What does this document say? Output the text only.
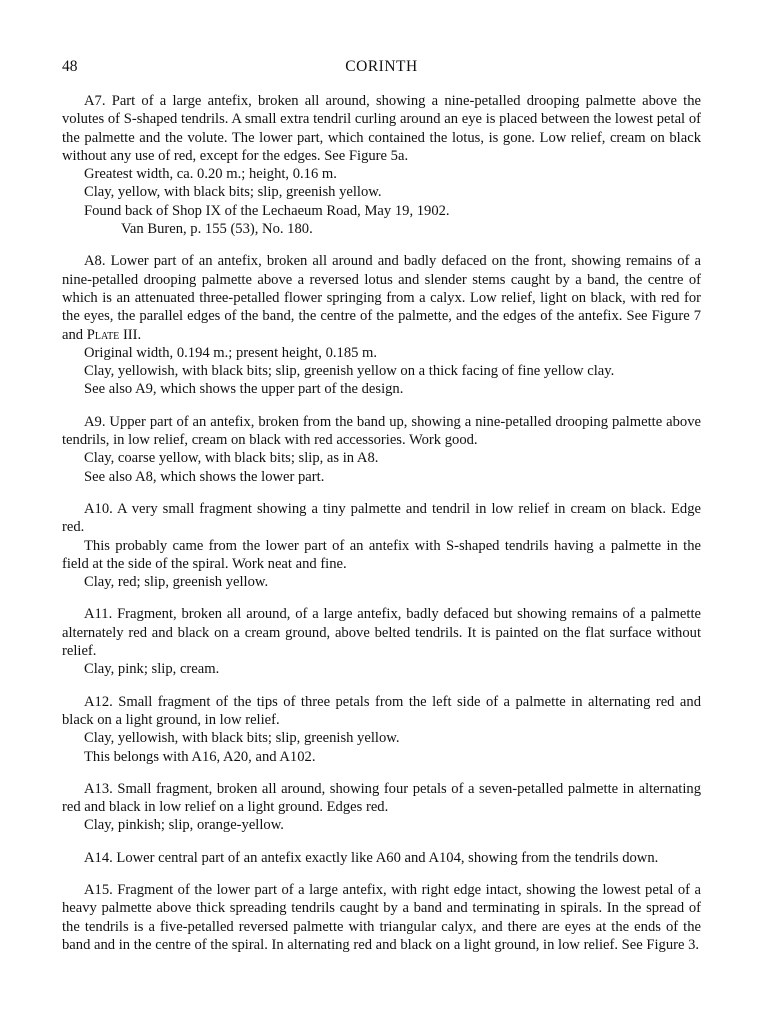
48	CORINTH

A7. Part of a large antefix, broken all around, showing a nine-petalled drooping palmette above the volutes of S-shaped tendrils. A small extra tendril curling around an eye is placed between the lowest petal of the palmette and the volute. The lower part, which contained the lotus, is gone. Low relief, cream on black without any use of red, except for the edges. See Figure 5a.

Greatest width, ca. 0.20 m.; height, 0.16 m.

Clay, yellow, with black bits; slip, greenish yellow.

Found back of Shop IX of the Lechaeum Road, May 19, 1902.

Van Buren, p. 155 (53), No. 180.

A8. Lower part of an antefix, broken all around and badly defaced on the front, showing remains of a nine-petalled drooping palmette above a reversed lotus and slender stems caught by a band, the centre of which is an attenuated three-petalled flower springing from a calyx. Low relief, light on black, with red for the eyes, the parallel edges of the band, the centre of the palmette, and the edges of the antefix. See Figure 7 and Plate III.

Original width, 0.194 m.; present height, 0.185 m.

Clay, yellowish, with black bits; slip, greenish yellow on a thick facing of fine yellow clay.

See also A9, which shows the upper part of the design.

A9. Upper part of an antefix, broken from the band up, showing a nine-petalled drooping palmette above tendrils, in low relief, cream on black with red accessories. Work good.

Clay, coarse yellow, with black bits; slip, as in A8.

See also A8, which shows the lower part.

A10. A very small fragment showing a tiny palmette and tendril in low relief in cream on black. Edge red.

This probably came from the lower part of an antefix with S-shaped tendrils having a palmette in the field at the side of the spiral. Work neat and fine.

Clay, red; slip, greenish yellow.

A11. Fragment, broken all around, of a large antefix, badly defaced but showing remains of a palmette alternately red and black on a cream ground, above belted tendrils. It is painted on the flat surface without relief.

Clay, pink; slip, cream.

A12. Small fragment of the tips of three petals from the left side of a palmette in alternating red and black on a light ground, in low relief.

Clay, yellowish, with black bits; slip, greenish yellow.

This belongs with A16, A20, and A102.

A13. Small fragment, broken all around, showing four petals of a seven-petalled palmette in alternating red and black in low relief on a light ground. Edges red.

Clay, pinkish; slip, orange-yellow.

A14. Lower central part of an antefix exactly like A60 and A104, showing from the tendrils down.

A15. Fragment of the lower part of a large antefix, with right edge intact, showing the lowest petal of a heavy palmette above thick spreading tendrils caught by a band and terminating in spirals. In the spread of the tendrils is a five-petalled reversed palmette with triangular calyx, and there are eyes at the ends of the band and in the centre of the spiral. In alternating red and black on a light ground, in low relief. See Figure 3.
